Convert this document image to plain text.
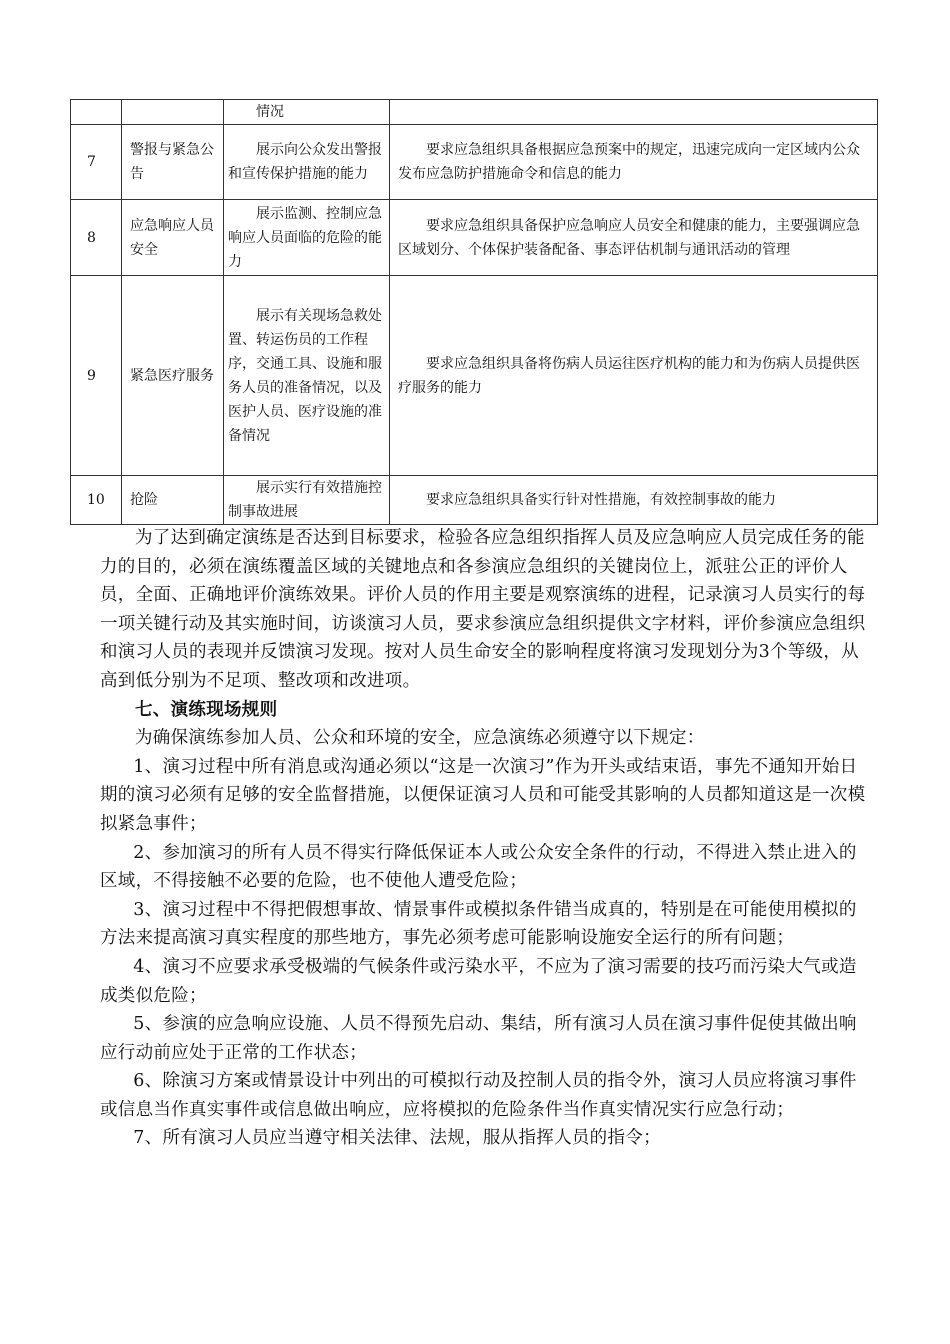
		情况	
7	警报与紧急公告	展示向公众发出警报和宣传保护措施的能力	要求应急组织具备根据应急预案中的规定，迅速完成向一定区域内公众发布应急防护措施命令和信息的能力
8	应急响应人员安全	展示监测、控制应急响应人员面临的危险的能力	要求应急组织具备保护应急响应人员安全和健康的能力，主要强调应急区域划分、个体保护装备配备、事态评估机制与通讯活动的管理
9	紧急医疗服务	展示有关现场急救处置、转运伤员的工作程序，交通工具、设施和服务人员的准备情况，以及医护人员、医疗设施的准备情况	要求应急组织具备将伤病人员运往医疗机构的能力和为伤病人员提供医疗服务的能力
10	抢险	展示实行有效措施控制事故进展	要求应急组织具备实行针对性措施，有效控制事故的能力

为了达到确定演练是否达到目标要求，检验各应急组织指挥人员及应急响应人员完成任务的能力的目的，必须在演练覆盖区域的关键地点和各参演应急组织的关键岗位上，派驻公正的评价人员，全面、正确地评价演练效果。评价人员的作用主要是观察演练的进程，记录演习人员实行的每一项关键行动及其实施时间，访谈演习人员，要求参演应急组织提供文字材料，评价参演应急组织和演习人员的表现并反馈演习发现。按对人员生命安全的影响程度将演习发现划分为3个等级，从高到低分别为不足项、整改项和改进项。

七、演练现场规则

为确保演练参加人员、公众和环境的安全，应急演练必须遵守以下规定：

1、演习过程中所有消息或沟通必须以“这是一次演习”作为开头或结束语，事先不通知开始日期的演习必须有足够的安全监督措施，以便保证演习人员和可能受其影响的人员都知道这是一次模拟紧急事件；

2、参加演习的所有人员不得实行降低保证本人或公众安全条件的行动，不得进入禁止进入的区域，不得接触不必要的危险，也不使他人遭受危险；

3、演习过程中不得把假想事故、情景事件或模拟条件错当成真的，特别是在可能使用模拟的方法来提高演习真实程度的那些地方，事先必须考虑可能影响设施安全运行的所有问题；

4、演习不应要求承受极端的气候条件或污染水平，不应为了演习需要的技巧而污染大气或造成类似危险；

5、参演的应急响应设施、人员不得预先启动、集结，所有演习人员在演习事件促使其做出响应行动前应处于正常的工作状态；

6、除演习方案或情景设计中列出的可模拟行动及控制人员的指令外，演习人员应将演习事件或信息当作真实事件或信息做出响应，应将模拟的危险条件当作真实情况实行应急行动；

7、所有演习人员应当遵守相关法律、法规，服从指挥人员的指令；
